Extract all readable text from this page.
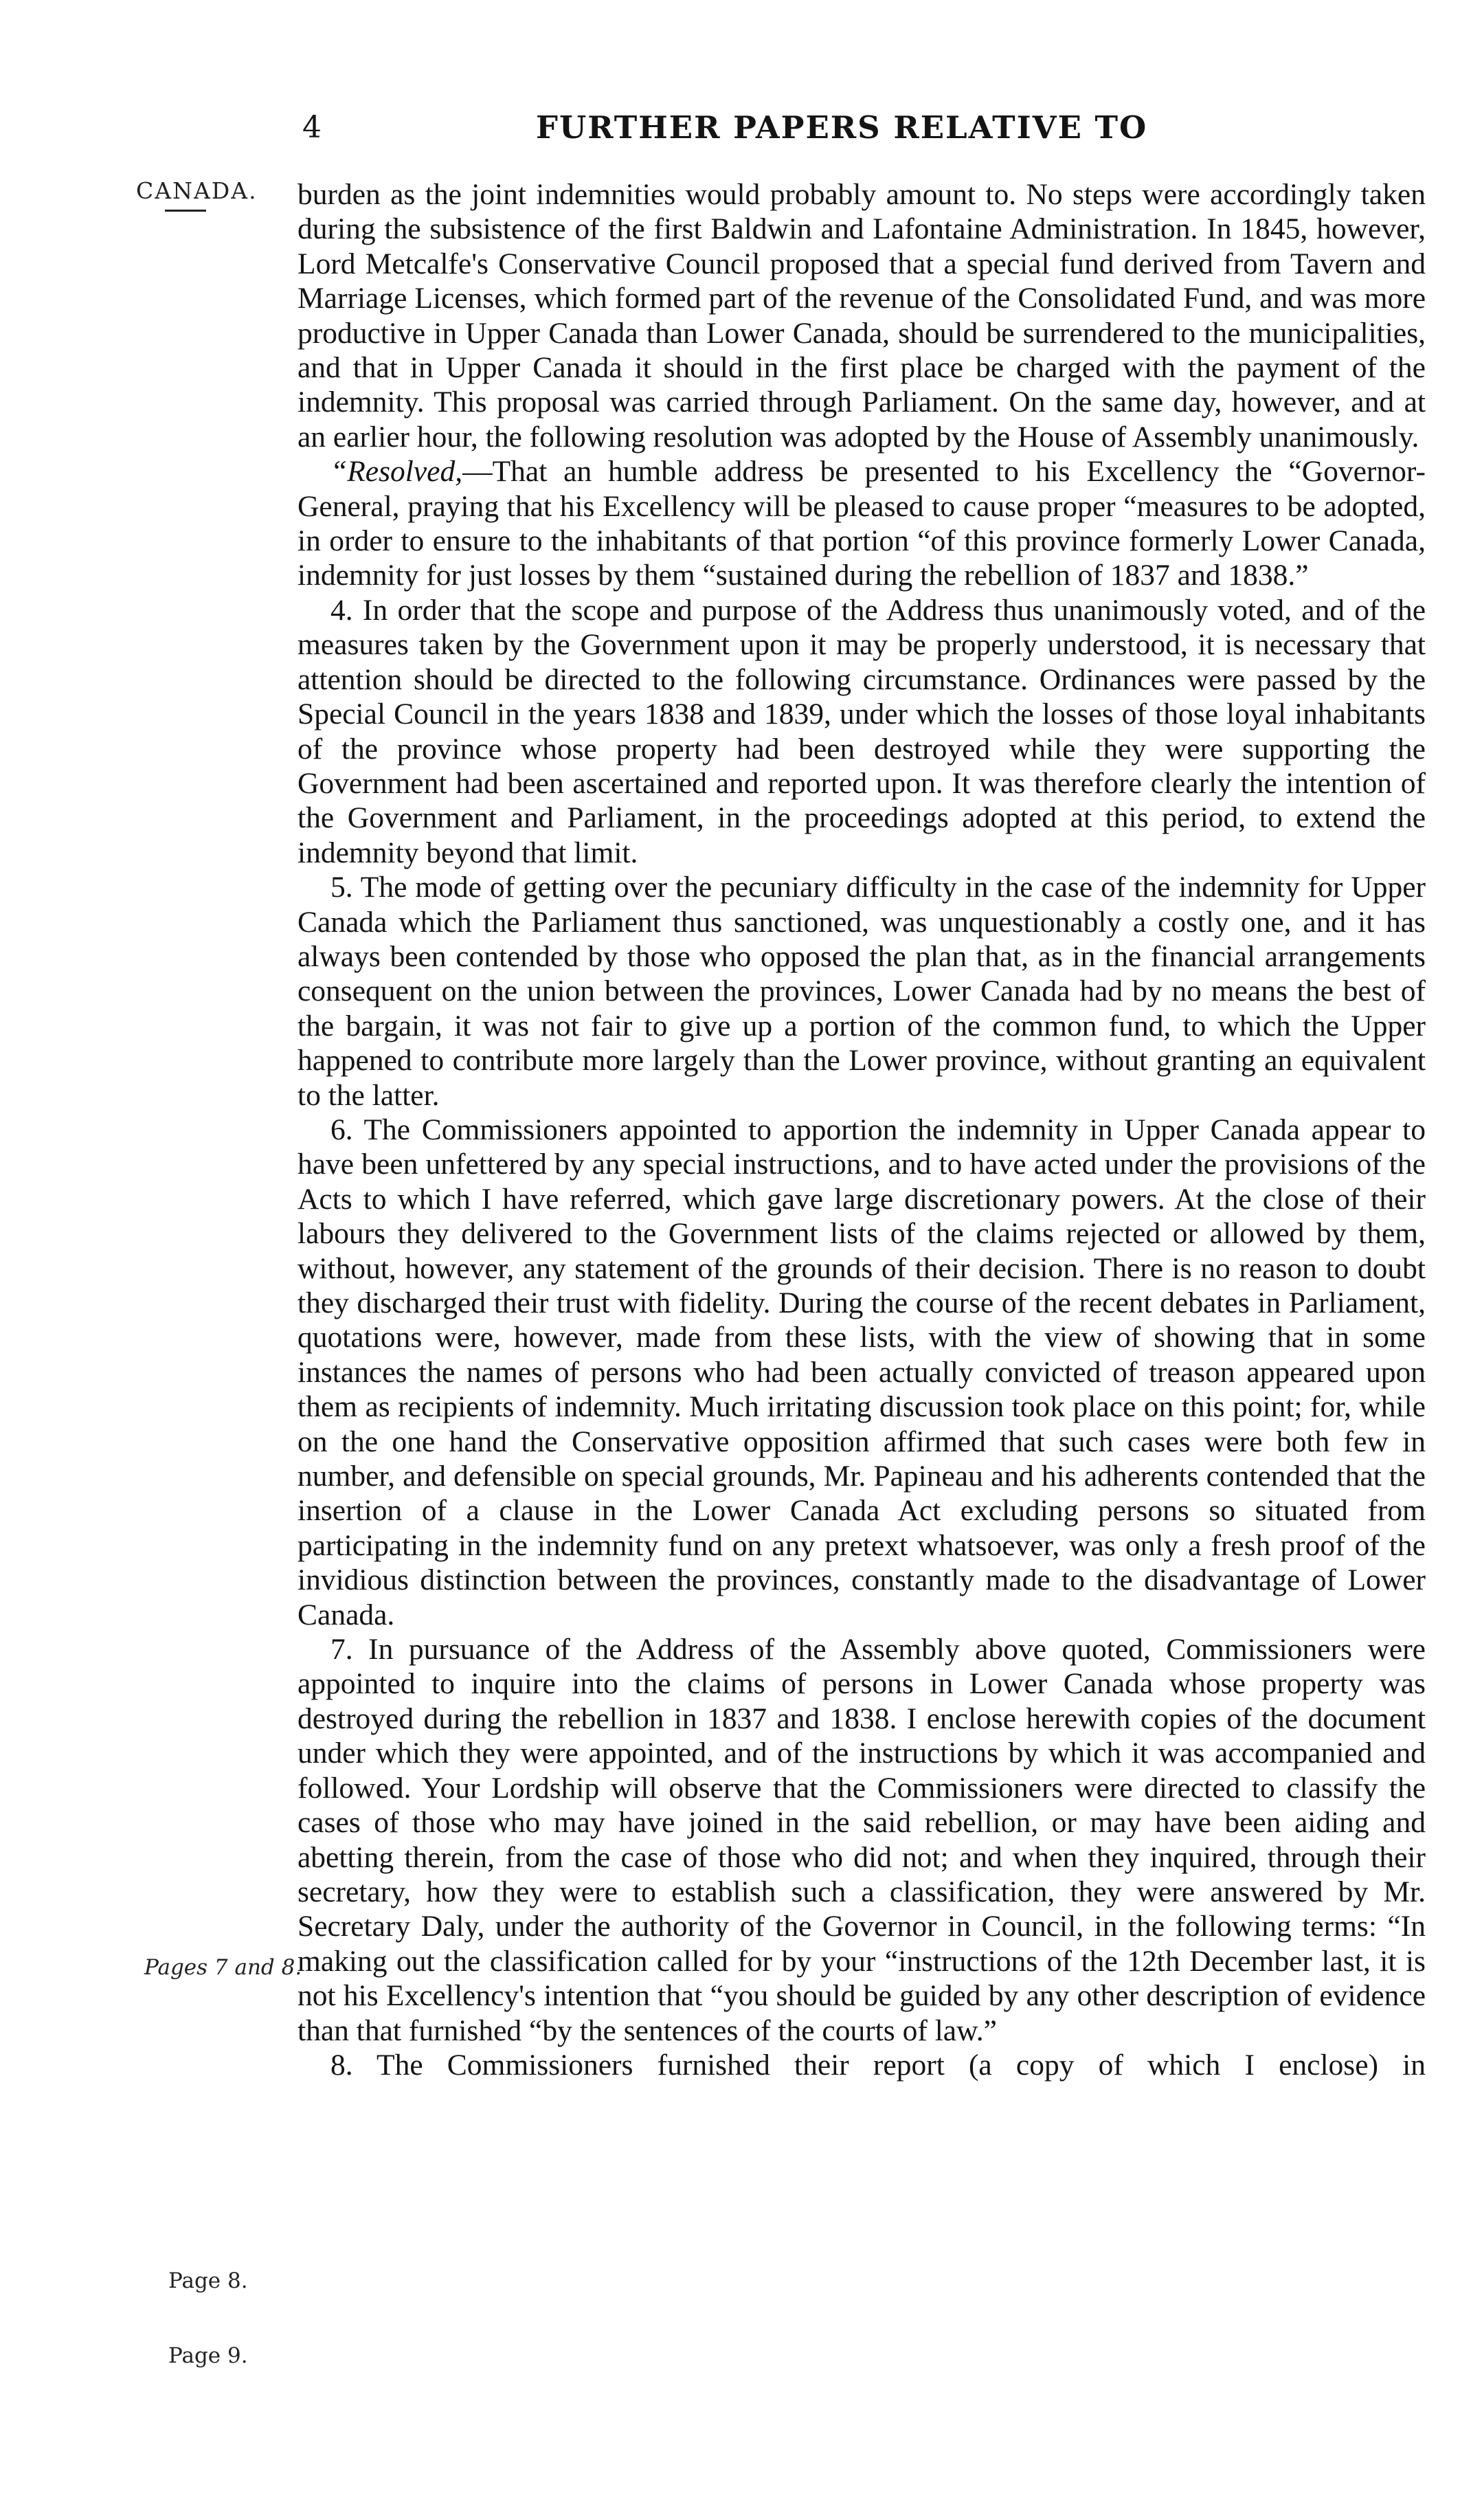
4	FURTHER PAPERS RELATIVE TO
CANADA.
Pages 7 and 8.
Page 8.
Page 9.

burden as the joint indemnities would probably amount to. No steps were accordingly taken during the subsistence of the first Baldwin and Lafontaine Administration. In 1845, however, Lord Metcalfe's Conservative Council proposed that a special fund derived from Tavern and Marriage Licenses, which formed part of the revenue of the Consolidated Fund, and was more productive in Upper Canada than Lower Canada, should be surrendered to the municipalities, and that in Upper Canada it should in the first place be charged with the payment of the indemnity. This proposal was carried through Parliament. On the same day, however, and at an earlier hour, the following resolution was adopted by the House of Assembly unanimously.

“Resolved,—That an humble address be presented to his Excellency the “Governor-General, praying that his Excellency will be pleased to cause proper “measures to be adopted, in order to ensure to the inhabitants of that portion “of this province formerly Lower Canada, indemnity for just losses by them “sustained during the rebellion of 1837 and 1838.”

4. In order that the scope and purpose of the Address thus unanimously voted, and of the measures taken by the Government upon it may be properly understood, it is necessary that attention should be directed to the following circumstance. Ordinances were passed by the Special Council in the years 1838 and 1839, under which the losses of those loyal inhabitants of the province whose property had been destroyed while they were supporting the Government had been ascertained and reported upon. It was therefore clearly the intention of the Government and Parliament, in the proceedings adopted at this period, to extend the indemnity beyond that limit.

5. The mode of getting over the pecuniary difficulty in the case of the indemnity for Upper Canada which the Parliament thus sanctioned, was unquestionably a costly one, and it has always been contended by those who opposed the plan that, as in the financial arrangements consequent on the union between the provinces, Lower Canada had by no means the best of the bargain, it was not fair to give up a portion of the common fund, to which the Upper happened to contribute more largely than the Lower province, without granting an equivalent to the latter.

6. The Commissioners appointed to apportion the indemnity in Upper Canada appear to have been unfettered by any special instructions, and to have acted under the provisions of the Acts to which I have referred, which gave large discretionary powers. At the close of their labours they delivered to the Government lists of the claims rejected or allowed by them, without, however, any statement of the grounds of their decision. There is no reason to doubt they discharged their trust with fidelity. During the course of the recent debates in Parliament, quotations were, however, made from these lists, with the view of showing that in some instances the names of persons who had been actually convicted of treason appeared upon them as recipients of indemnity. Much irritating discussion took place on this point; for, while on the one hand the Conservative opposition affirmed that such cases were both few in number, and defensible on special grounds, Mr. Papineau and his adherents contended that the insertion of a clause in the Lower Canada Act excluding persons so situated from participating in the indemnity fund on any pretext whatsoever, was only a fresh proof of the invidious distinction between the provinces, constantly made to the disadvantage of Lower Canada.

7. In pursuance of the Address of the Assembly above quoted, Commissioners were appointed to inquire into the claims of persons in Lower Canada whose property was destroyed during the rebellion in 1837 and 1838. I enclose herewith copies of the document under which they were appointed, and of the instructions by which it was accompanied and followed. Your Lordship will observe that the Commissioners were directed to classify the cases of those who may have joined in the said rebellion, or may have been aiding and abetting therein, from the case of those who did not; and when they inquired, through their secretary, how they were to establish such a classification, they were answered by Mr. Secretary Daly, under the authority of the Governor in Council, in the following terms: “In making out the classification called for by your “instructions of the 12th December last, it is not his Excellency's intention that “you should be guided by any other description of evidence than that furnished “by the sentences of the courts of law.”

8. The Commissioners furnished their report (a copy of which I enclose) in
